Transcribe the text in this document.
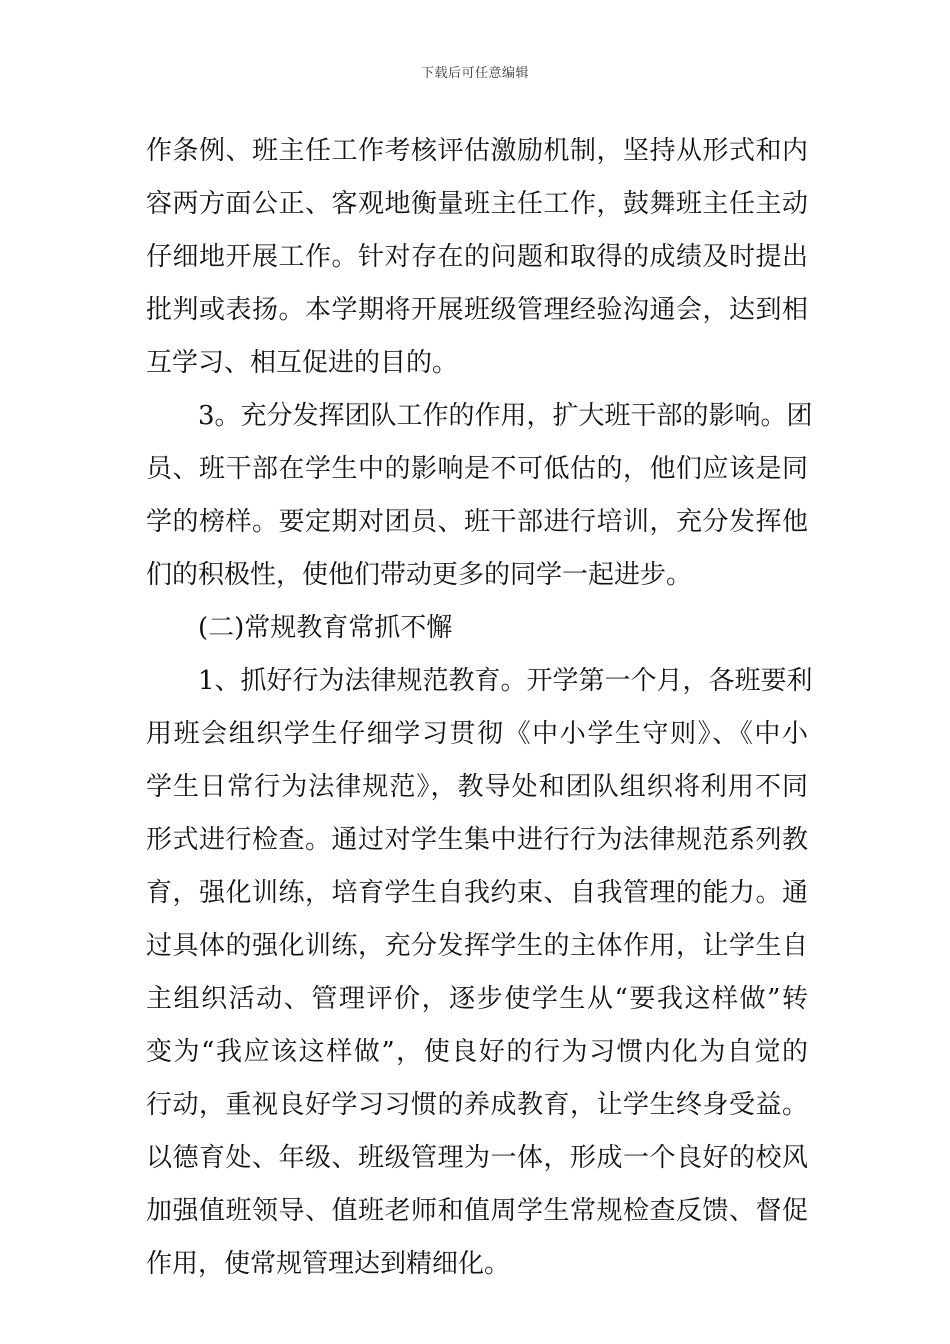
下载后可任意编辑
作条例、班主任工作考核评估激励机制，坚持从形式和内
容两方面公正、客观地衡量班主任工作，鼓舞班主任主动
仔细地开展工作。针对存在的问题和取得的成绩及时提出
批判或表扬。本学期将开展班级管理经验沟通会，达到相
互学习、相互促进的目的。
3。充分发挥团队工作的作用，扩大班干部的影响。团
员、班干部在学生中的影响是不可低估的，他们应该是同
学的榜样。要定期对团员、班干部进行培训，充分发挥他
们的积极性，使他们带动更多的同学一起进步。
(二)常规教育常抓不懈
1、抓好行为法律规范教育。开学第一个月，各班要利
用班会组织学生仔细学习贯彻《中小学生守则》、《中小
学生日常行为法律规范》，教导处和团队组织将利用不同
形式进行检查。通过对学生集中进行行为法律规范系列教
育，强化训练，培育学生自我约束、自我管理的能力。通
过具体的强化训练，充分发挥学生的主体作用，让学生自
主组织活动、管理评价，逐步使学生从“要我这样做”转
变为“我应该这样做”，使良好的行为习惯内化为自觉的
行动，重视良好学习习惯的养成教育，让学生终身受益。
以德育处、年级、班级管理为一体，形成一个良好的校风
加强值班领导、值班老师和值周学生常规检查反馈、督促
作用，使常规管理达到精细化。
